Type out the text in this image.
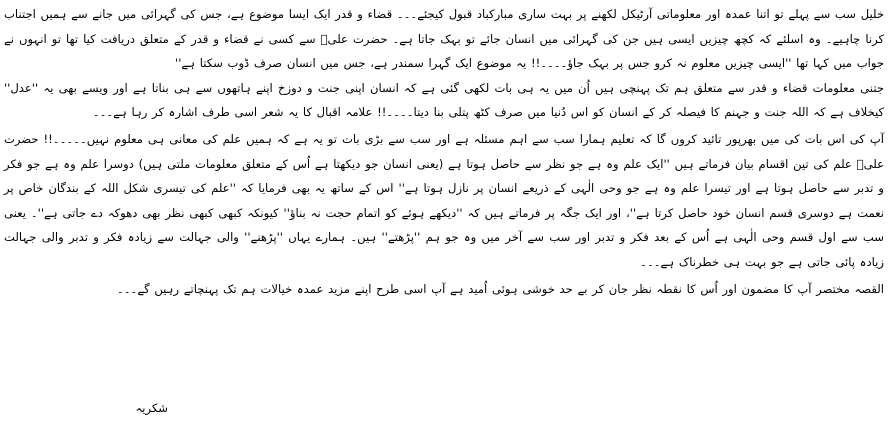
خلیل سب سے پہلے تو اتنا عمدہ اور معلوماتی آرٹیکل لکھنے پر بہت ساری مبارکباد قبول کیجئے۔۔۔ قضاء و قدر ایک ایسا موضوع ہے، جس کی گہرائی میں جانے سے ہمیں اجتناب کرنا چاہیے۔ وہ اسلئے کہ کچھ چیزیں ایسی ہیں جن کی گہرائی میں انسان جائے تو بہک جاتا ہے۔ حضرت علیؓ سے کسی نے قضاء و قدر کے متعلق دریافت کیا تھا تو انہوں نے جواب میں کہا تھا ''ایسی چیزیں معلوم نہ کرو جس پر بہک جاؤ۔۔۔۔!! یہ موضوع ایک گہرا سمندر ہے، جس میں انسان صرف ڈوب سکتا ہے''

جتنی معلومات قضاء و قدر سے متعلق ہم تک پہنچی ہیں اُن میں یہ ہی بات لکھی گئی ہے کہ انسان اپنی جنت و دوزخ اپنے ہاتھوں سے ہی بناتا ہے اور ویسے بھی یہ ''عدل'' کیخلاف ہے کہ اللہ جنت و جہنم کا فیصلہ کر کے انسان کو اس دُنیا میں صرف کٹھ پتلی بنا دیتا۔۔۔۔!! علامہ اقبال کا یہ شعر اسی طرف اشارہ کر رہا ہے۔۔۔

آپ کی اس بات کی میں بھرپور تائید کروں گا کہ تعلیم ہمارا سب سے اہم مسئلہ ہے اور سب سے بڑی بات تو یہ ہے کہ ہمیں علم کی معانی ہی معلوم نہیں۔۔۔۔۔!! حضرت علیؓ علم کی تین اقسام بیان فرماتے ہیں ''ایک علم وہ ہے جو نظر سے حاصل ہوتا ہے (یعنی انسان جو دیکھتا ہے اُس کے متعلق معلومات ملتی ہیں) دوسرا علم وہ ہے جو فکر و تدبر سے حاصل ہوتا ہے اور تیسرا علم وہ ہے جو وحی الٰہی کے ذریعے انسان پر نازل ہوتا ہے'' اس کے ساتھ یہ بھی فرمایا کہ ''علم کی تیسری شکل اللہ کے بندگان خاص پر نعمت ہے دوسری قسم انسان خود حاصل کرتا ہے''، اور ایک جگہ پر فرماتے ہیں کہ ''دیکھے ہوئے کو اتمام حجت نہ بناؤ'' کیونکہ کبھی کبھی نظر بھی دھوکہ دے جاتی ہے''۔ یعنی سب سے اول قسم وحی الٰہی ہے اُس کے بعد فکر و تدبر اور سب سے آخر میں وہ جو ہم ''پڑھتے'' ہیں۔ ہمارے یہاں ''پڑھنے'' والی جہالت سے زیادہ فکر و تدبر والی جہالت زیادہ پائی جاتی ہے جو بہت ہی خطرناک ہے۔۔۔

القصہ مختصر آپ کا مضمون اور اُس کا نقطہ نظر جان کر بے حد خوشی ہوئی اُمید ہے آپ اسی طرح اپنے مزید عمدہ خیالات ہم تک پہنچاتے رہیں گے۔۔۔

شکریہ
